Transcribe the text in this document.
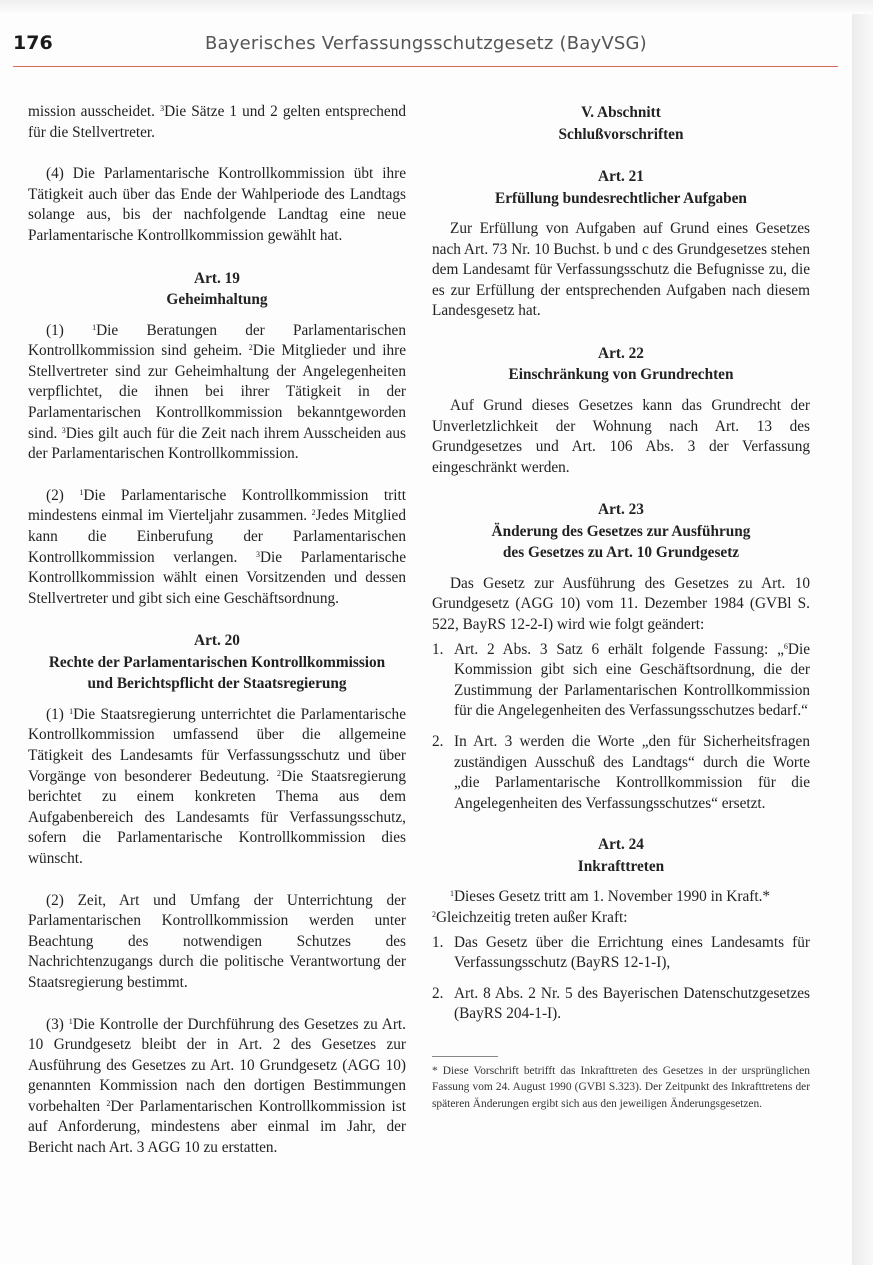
176	Bayerisches Verfassungsschutzgesetz (BayVSG)

mission ausscheidet. $^3$Die Sätze 1 und 2 gelten entsprechend für die Stellvertreter.

(4) Die Parlamentarische Kontrollkommission übt ihre Tätigkeit auch über das Ende der Wahlperiode des Landtags solange aus, bis der nachfolgende Landtag eine neue Parlamentarische Kontrollkommission gewählt hat.

Art. 19

Geheimhaltung

(1) $^1$Die Beratungen der Parlamentarischen Kontrollkommission sind geheim. $^2$Die Mitglieder und ihre Stellvertreter sind zur Geheimhaltung der Angelegenheiten verpflichtet, die ihnen bei ihrer Tätigkeit in der Parlamentarischen Kontrollkommission bekanntgeworden sind. $^3$Dies gilt auch für die Zeit nach ihrem Ausscheiden aus der Parlamentarischen Kontrollkommission.

(2) $^1$Die Parlamentarische Kontrollkommission tritt mindestens einmal im Vierteljahr zusammen. $^2$Jedes Mitglied kann die Einberufung der Parlamentarischen Kontrollkommission verlangen. $^3$Die Parlamentarische Kontrollkommission wählt einen Vorsitzenden und dessen Stellvertreter und gibt sich eine Geschäftsordnung.

Art. 20

Rechte der Parlamentarischen Kontrollkommission

und Berichtspflicht der Staatsregierung

(1) $^1$Die Staatsregierung unterrichtet die Parlamentarische Kontrollkommission umfassend über die allgemeine Tätigkeit des Landesamts für Verfassungsschutz und über Vorgänge von besonderer Bedeutung. $^2$Die Staatsregierung berichtet zu einem konkreten Thema aus dem Aufgabenbereich des Landesamts für Verfassungsschutz, sofern die Parlamentarische Kontrollkommission dies wünscht.

(2) Zeit, Art und Umfang der Unterrichtung der Parlamentarischen Kontrollkommission werden unter Beachtung des notwendigen Schutzes des Nachrichtenzugangs durch die politische Verantwortung der Staatsregierung bestimmt.

(3) $^1$Die Kontrolle der Durchführung des Gesetzes zu Art. 10 Grundgesetz bleibt der in Art. 2 des Gesetzes zur Ausführung des Gesetzes zu Art. 10 Grundgesetz (AGG 10) genannten Kommission nach den dortigen Bestimmungen vorbehalten $^2$Der Parlamentarischen Kontrollkommission ist auf Anforderung, mindestens aber einmal im Jahr, der Bericht nach Art. 3 AGG 10 zu erstatten.

V. Abschnitt

Schlußvorschriften

Art. 21

Erfüllung bundesrechtlicher Aufgaben

Zur Erfüllung von Aufgaben auf Grund eines Gesetzes nach Art. 73 Nr. 10 Buchst. b und c des Grundgesetzes stehen dem Landesamt für Verfassungsschutz die Befugnisse zu, die es zur Erfüllung der entsprechenden Aufgaben nach diesem Landesgesetz hat.

Art. 22

Einschränkung von Grundrechten

Auf Grund dieses Gesetzes kann das Grundrecht der Unverletzlichkeit der Wohnung nach Art. 13 des Grundgesetzes und Art. 106 Abs. 3 der Verfassung eingeschränkt werden.

Art. 23

Änderung des Gesetzes zur Ausführung

des Gesetzes zu Art. 10 Grundgesetz

Das Gesetz zur Ausführung des Gesetzes zu Art. 10 Grundgesetz (AGG 10) vom 11. Dezember 1984 (GVBl S. 522, BayRS 12-2-I) wird wie folgt geändert:

1. Art. 2 Abs. 3 Satz 6 erhält folgende Fassung: „$^6$Die Kommission gibt sich eine Geschäftsordnung, die der Zustimmung der Parlamentarischen Kontrollkommission für die Angelegenheiten des Verfassungsschutzes bedarf.“
2. In Art. 3 werden die Worte „den für Sicherheitsfragen zuständigen Ausschuß des Landtags“ durch die Worte „die Parlamentarische Kontrollkommission für die Angelegenheiten des Verfassungsschutzes“ ersetzt.

Art. 24

Inkrafttreten

$^1$Dieses Gesetz tritt am 1. November 1990 in Kraft.*
$^2$Gleichzeitig treten außer Kraft:

1. Das Gesetz über die Errichtung eines Landesamts für Verfassungsschutz (BayRS 12-1-I),
2. Art. 8 Abs. 2 Nr. 5 des Bayerischen Datenschutzgesetzes (BayRS 204-1-I).

* Diese Vorschrift betrifft das Inkrafttreten des Gesetzes in der ursprünglichen Fassung vom 24. August 1990 (GVBl S.323). Der Zeitpunkt des Inkrafttretens der späteren Änderungen ergibt sich aus den jeweiligen Änderungsgesetzen.
